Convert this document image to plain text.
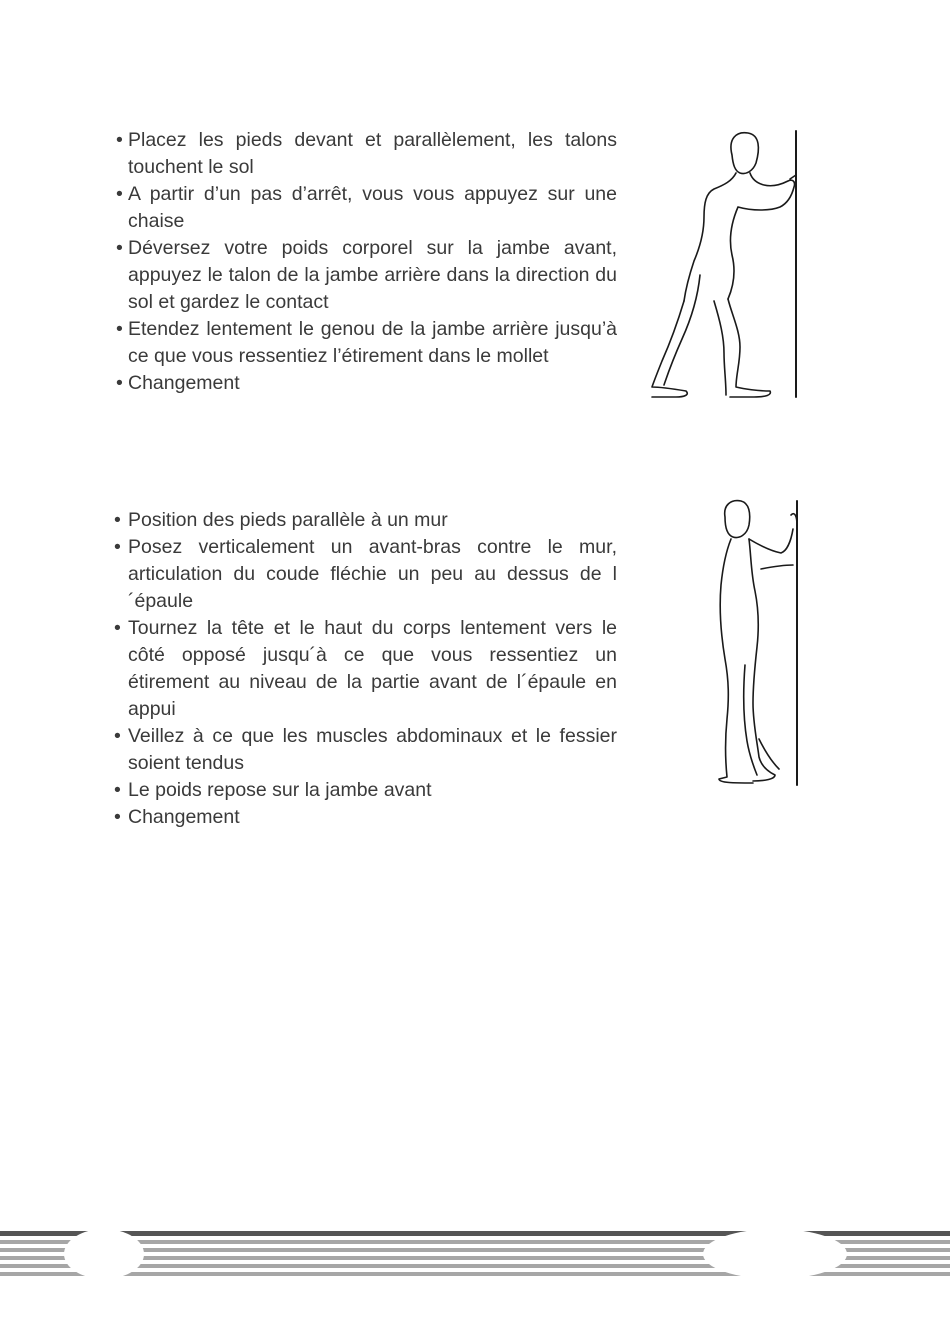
• Placez les pieds devant et parallèlement, les talons touchent le sol
• A partir d’un pas d’arrêt, vous vous appuyez sur une chaise
• Déversez votre poids corporel sur la jambe avant, appuyez le talon de la jambe arrière dans la direction du sol et gardez le contact
• Etendez lentement le genou de la jambe arrière jusqu’à ce que vous ressentiez l’étirement dans le mollet
• Changement
• Position des pieds parallèle à un mur
• Posez verticalement un avant-bras contre le mur, articulation du coude fléchie un peu au dessus de l´épaule
• Tournez la tête et le haut du corps lentement vers le côté opposé jusqu´à ce que vous ressentiez un étirement au niveau de la partie avant de l´épaule en appui
• Veillez à ce que les muscles abdominaux et le fessier soient tendus
• Le poids repose sur la jambe avant
• Changement
